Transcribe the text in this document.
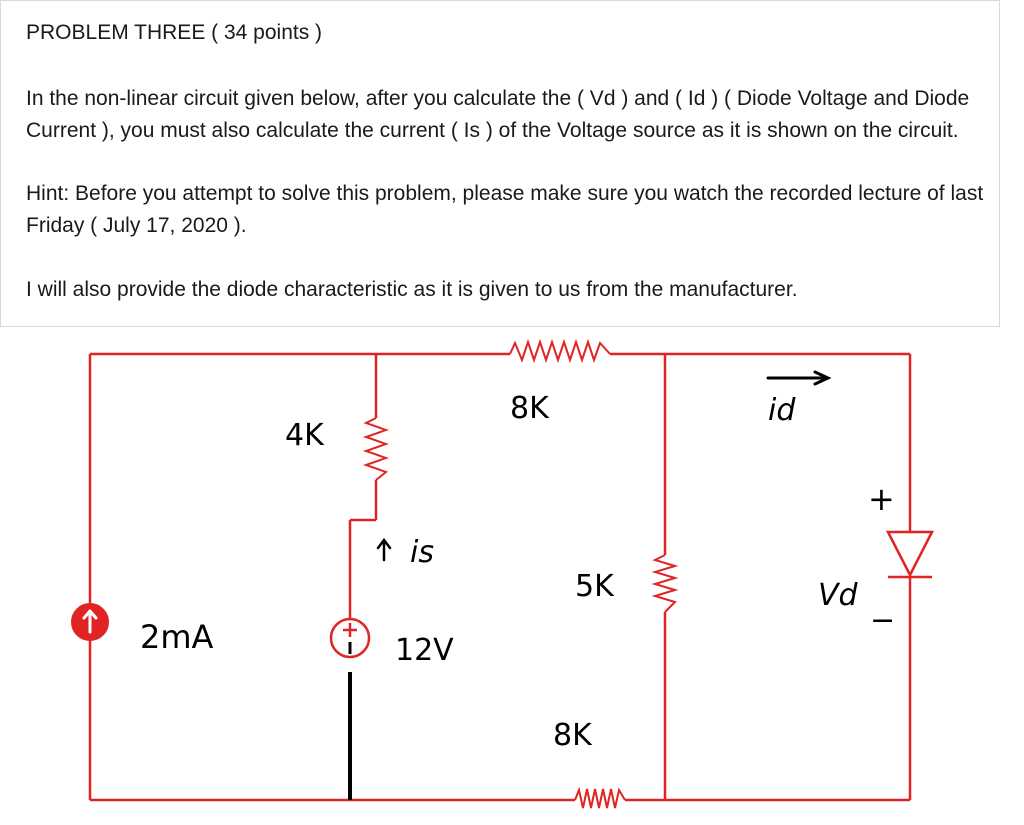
PROBLEM THREE ( 34 points )

In the non-linear circuit given below, after you calculate the ( Vd ) and ( Id ) ( Diode Voltage and Diode Current ), you must also calculate the current ( Is ) of the Voltage source as it is shown on the circuit.

Hint: Before you attempt to solve this problem, please make sure you watch the recorded lecture of last Friday ( July 17, 2020 ).

I will also provide the diode characteristic as it is given to us from the manufacturer.

2mA
4K
8K
5K
8K
12V
is
id
Vd
+
−
